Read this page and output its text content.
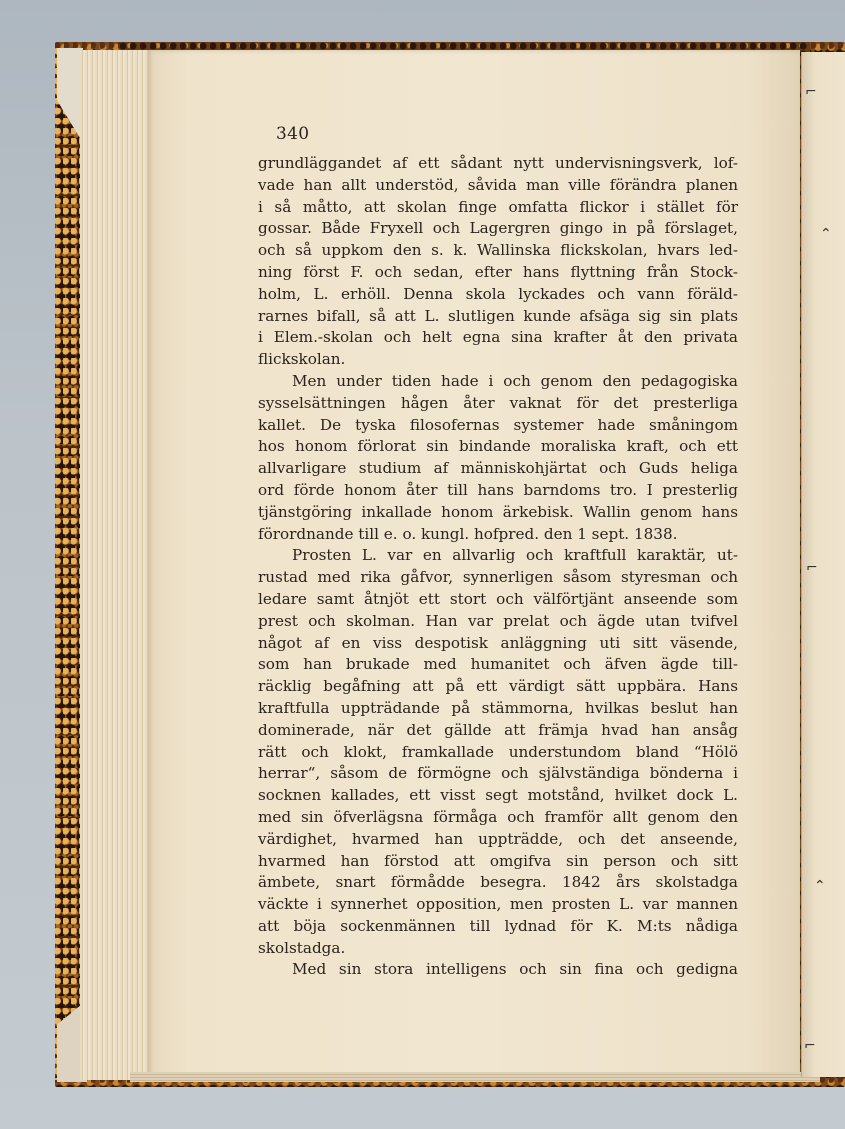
⌐
⌃
⌐
⌃
⌐

340

grundläggandet af ett sådant nytt undervisningsverk, lof-
vade han allt understöd, såvida man ville förändra planen
i så måtto, att skolan finge omfatta flickor i stället för
gossar. Både Fryxell och Lagergren gingo in på förslaget,
och så uppkom den s. k. Wallinska flickskolan, hvars led-
ning först F. och sedan, efter hans flyttning från Stock-
holm, L. erhöll. Denna skola lyckades och vann föräld-
rarnes bifall, så att L. slutligen kunde afsäga sig sin plats
i Elem.-skolan och helt egna sina krafter åt den privata
flickskolan.
Men under tiden hade i och genom den pedagogiska
sysselsättningen hågen åter vaknat för det presterliga
kallet. De tyska filosofernas systemer hade småningom
hos honom förlorat sin bindande moraliska kraft, och ett
allvarligare studium af människohjärtat och Guds heliga
ord förde honom åter till hans barndoms tro. I presterlig
tjänstgöring inkallade honom ärkebisk. Wallin genom hans
förordnande till e. o. kungl. hofpred. den 1 sept. 1838.
Prosten L. var en allvarlig och kraftfull karaktär, ut-
rustad med rika gåfvor, synnerligen såsom styresman och
ledare samt åtnjöt ett stort och välförtjänt anseende som
prest och skolman. Han var prelat och ägde utan tvifvel
något af en viss despotisk anläggning uti sitt väsende,
som han brukade med humanitet och äfven ägde till-
räcklig begåfning att på ett värdigt sätt uppbära. Hans
kraftfulla uppträdande på stämmorna, hvilkas beslut han
dominerade, när det gällde att främja hvad han ansåg
rätt och klokt, framkallade understundom bland “Hölö
herrar“, såsom de förmögne och självständiga bönderna i
socknen kallades, ett visst segt motstånd, hvilket dock L.
med sin öfverlägsna förmåga och framför allt genom den
värdighet, hvarmed han uppträdde, och det anseende,
hvarmed han förstod att omgifva sin person och sitt
ämbete, snart förmådde besegra. 1842 års skolstadga
väckte i synnerhet opposition, men prosten L. var mannen
att böja sockenmännen till lydnad för K. M:ts nådiga
skolstadga.
Med sin stora intelligens och sin fina och gedigna
